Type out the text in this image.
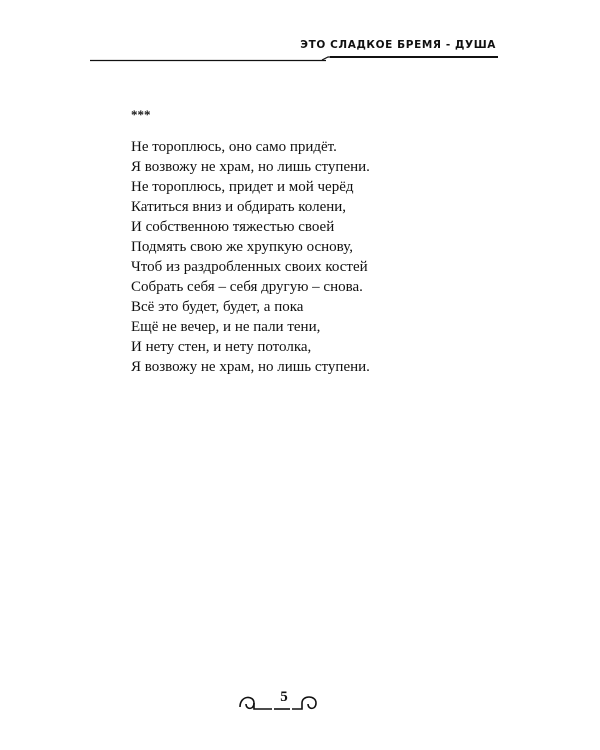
ЭТО СЛАДКОЕ БРЕМЯ - ДУША
***
Не тороплюсь, оно само придёт.
Я возвожу не храм, но лишь ступени.
Не тороплюсь, придет и мой черёд
Катиться вниз и обдирать колени,
И собственною тяжестью своей
Подмять свою же хрупкую основу,
Чтоб из раздробленных своих костей
Собрать себя – себя другую – снова.
Всё это будет, будет, а пока
Ещё не вечер, и не пали тени,
И нету стен, и нету потолка,
Я возвожу не храм, но лишь ступени.
5
